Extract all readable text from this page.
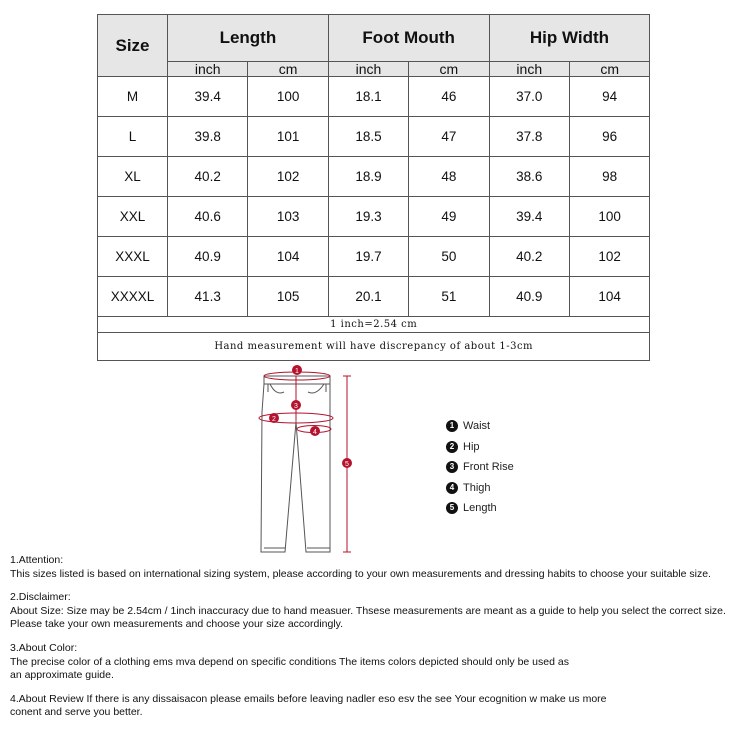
Size	Length		Foot Mouth		Hip Width	
	inch	cm	inch	cm	inch	cm
M	39.4	100	18.1	46	37.0	94
L	39.8	101	18.5	47	37.8	96
XL	40.2	102	18.9	48	38.6	98
XXL	40.6	103	19.3	49	39.4	100
XXXL	40.9	104	19.7	50	40.2	102
XXXXL	41.3	105	20.1	51	40.9	104
1 inch=2.54 cm						
Hand measurement will have discrepancy of about 1-3cm						
1
2
3
4
5
1 Waist
2 Hip
3 Front Rise
4 Thigh
5 Length

1.Attention:
This sizes listed is based on international sizing system, please according to your own measurements and dressing habits to choose your suitable size.

2.Disclaimer:
About Size: Size may be 2.54cm / 1inch inaccuracy due to hand measuer. Thsese measurements are meant as a guide to help you select the correct size.
Please take your own measurements and choose your size accordingly.

3.About Color:
The precise color of a clothing ems mva depend on specific conditions The items colors depicted should only be used as
an approximate guide.

4.About Review If there is any dissaisacon please emails before leaving nadler eso esv the see Your ecognition w make us more
conent and serve you better.
